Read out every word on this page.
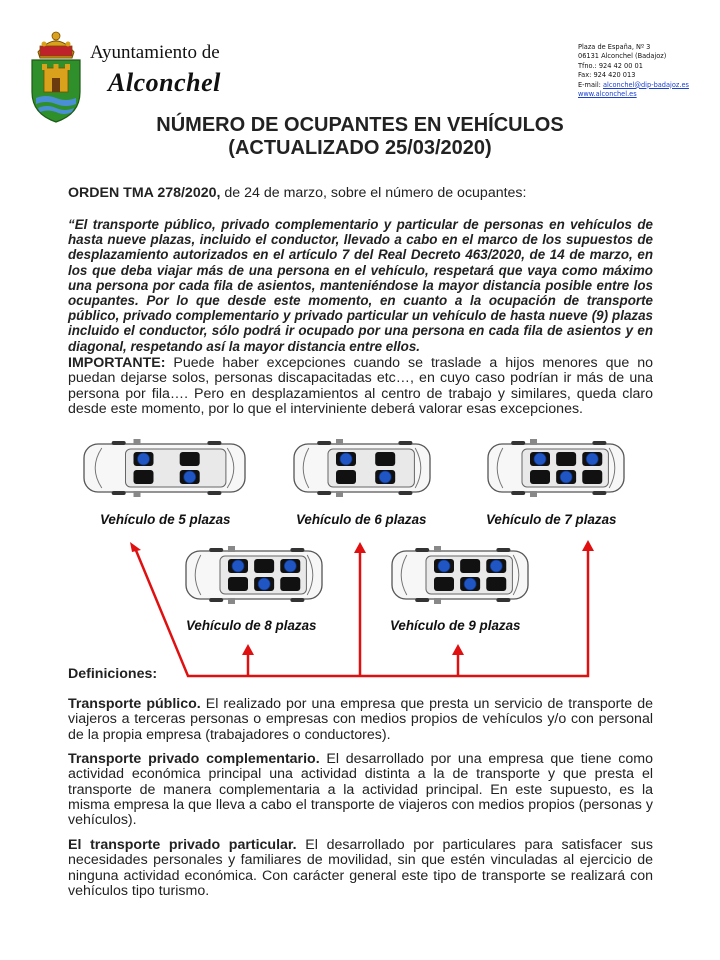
Ayuntamiento de
Alconchel
Plaza de España, Nº 3
06131 Alconchel (Badajoz)
Tfno.: 924 42 00 01
Fax: 924 420 013
E-mail: alconchel@dip-badajoz.es
www.alconchel.es
NÚMERO DE OCUPANTES EN VEHÍCULOS
(ACTUALIZADO 25/03/2020)
ORDEN TMA 278/2020, de 24 de marzo, sobre el número de ocupantes:
“El transporte público, privado complementario y particular de personas en vehículos de hasta nueve plazas, incluido el conductor, llevado a cabo en el marco de los supuestos de desplazamiento autorizados en el artículo 7 del Real Decreto 463/2020, de 14 de marzo, en los que deba viajar más de una persona en el vehículo, respetará que vaya como máximo una persona por cada fila de asientos, manteniéndose la mayor distancia posible entre los ocupantes. Por lo que desde este momento, en cuanto a la ocupación de transporte público, privado complementario y privado particular un vehículo de hasta nueve (9) plazas incluido el conductor, sólo podrá ir ocupado por una persona en cada fila de asientos y en diagonal, respetando así la mayor distancia entre ellos.
IMPORTANTE: Puede haber excepciones cuando se traslade a hijos menores que no puedan dejarse solos, personas discapacitadas etc…, en cuyo caso podrían ir más de una persona por fila…. Pero en desplazamientos al centro de trabajo y similares, queda claro desde este momento, por lo que el interviniente deberá valorar esas excepciones.
Vehículo de 5 plazas	Vehículo de 6 plazas	Vehículo de 7 plazas
Vehículo de 8 plazas	Vehículo de 9 plazas
Definiciones:
Transporte público. El realizado por una empresa que presta un servicio de transporte de viajeros a terceras personas o empresas con medios propios de vehículos y/o con personal de la propia empresa (trabajadores o conductores).
Transporte privado complementario. El desarrollado por una empresa que tiene como actividad económica principal una actividad distinta a la de transporte y que presta el transporte de manera complementaria a la actividad principal. En este supuesto, es la misma empresa la que lleva a cabo el transporte de viajeros con medios propios (personas y vehículos).
El transporte privado particular. El desarrollado por particulares para satisfacer sus necesidades personales y familiares de movilidad, sin que estén vinculadas al ejercicio de ninguna actividad económica. Con carácter general este tipo de transporte se realizará con vehículos tipo turismo.
